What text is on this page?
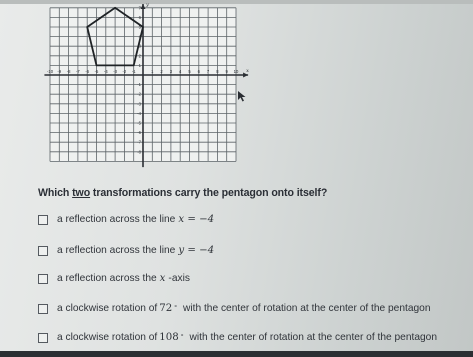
-10 -9 -8 -7 -6 -5 -4 -3 -2 -1	1 2 3 4 5 6 7 8 9 10
7
6
5
4
3
2
1
-1
-2
-3
-4
-5
-6
-7
-8
x
y
Which two transformations carry the pentagon onto itself?
a reflection across the line x = −4
a reflection across the line y = −4
a reflection across the x -axis
a clockwise rotation of 72 ° with the center of rotation at the center of the pentagon
a clockwise rotation of 108 ° with the center of rotation at the center of the pentagon
